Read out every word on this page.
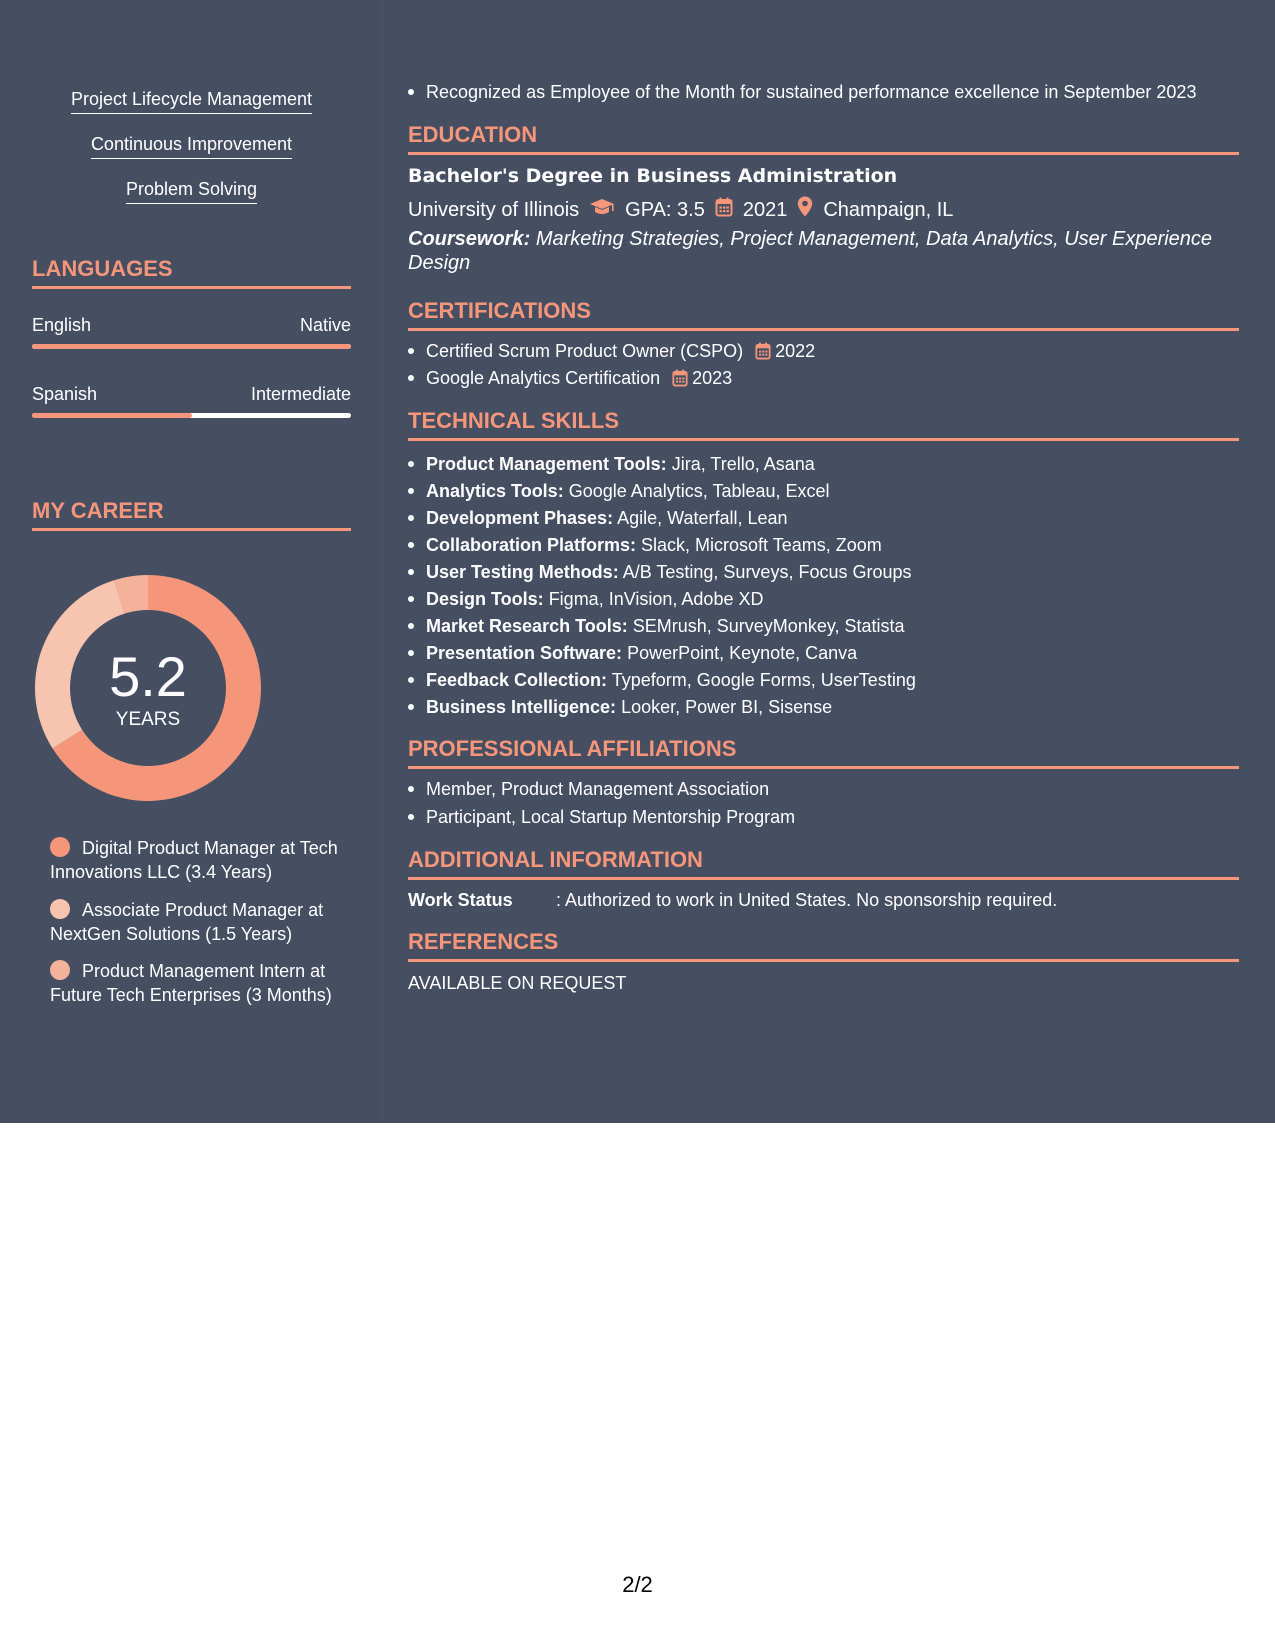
Project Lifecycle Management
Continuous Improvement
Problem Solving
LANGUAGES
English	Native
Spanish	Intermediate
MY CAREER
5.2
YEARS
Digital Product Manager at Tech Innovations LLC (3.4 Years)
Associate Product Manager at NextGen Solutions (1.5 Years)
Product Management Intern at Future Tech Enterprises (3 Months)
Recognized as Employee of the Month for sustained performance excellence in September 2023
EDUCATION
Bachelor's Degree in Business Administration
University of Illinois GPA: 3.5 2021 Champaign, IL
Coursework: Marketing Strategies, Project Management, Data Analytics, User Experience Design
CERTIFICATIONS
Certified Scrum Product Owner (CSPO) 2022
Google Analytics Certification 2023
TECHNICAL SKILLS
Product Management Tools: Jira, Trello, Asana
Analytics Tools: Google Analytics, Tableau, Excel
Development Phases: Agile, Waterfall, Lean
Collaboration Platforms: Slack, Microsoft Teams, Zoom
User Testing Methods: A/B Testing, Surveys, Focus Groups
Design Tools: Figma, InVision, Adobe XD
Market Research Tools: SEMrush, SurveyMonkey, Statista
Presentation Software: PowerPoint, Keynote, Canva
Feedback Collection: Typeform, Google Forms, UserTesting
Business Intelligence: Looker, Power BI, Sisense
PROFESSIONAL AFFILIATIONS
Member, Product Management Association
Participant, Local Startup Mentorship Program
ADDITIONAL INFORMATION
Work Status : Authorized to work in United States. No sponsorship required.
REFERENCES
AVAILABLE ON REQUEST
2/2
